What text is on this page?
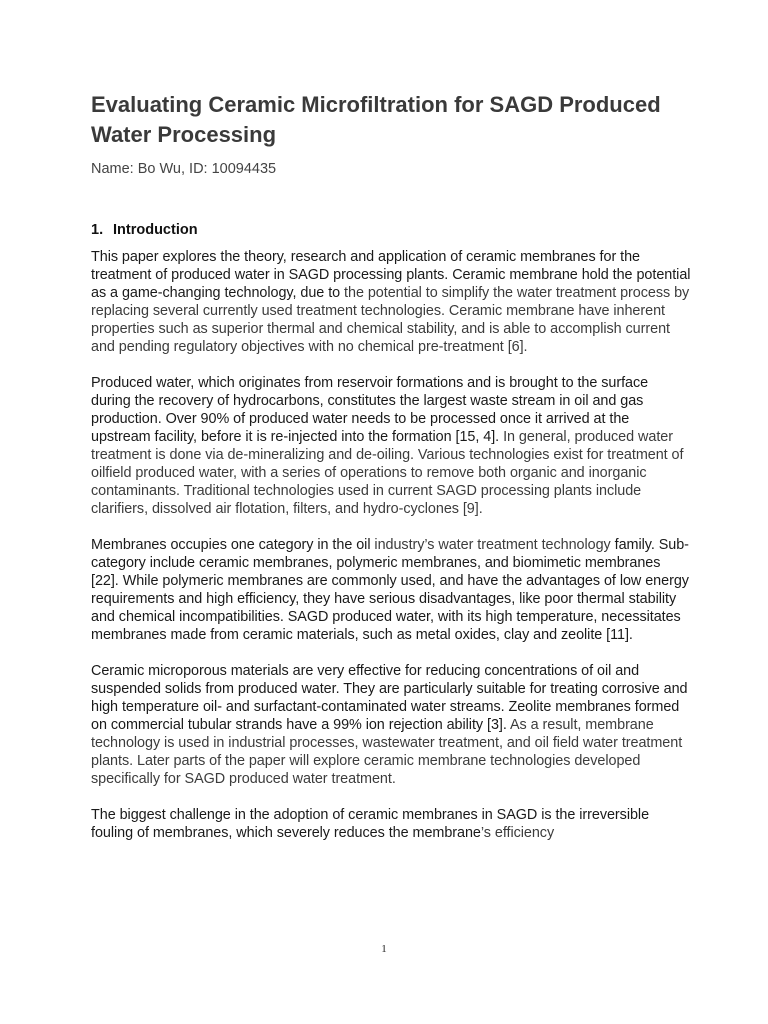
Evaluating Ceramic Microfiltration for SAGD Produced Water Processing
Name: Bo Wu, ID: 10094435
1. Introduction

This paper explores the theory, research and application of ceramic membranes for the treatment of produced water in SAGD processing plants. Ceramic membrane hold the potential as a game-changing technology, due to the potential to simplify the water treatment process by replacing several currently used treatment technologies. Ceramic membrane have inherent properties such as superior thermal and chemical stability, and is able to accomplish current and pending regulatory objectives with no chemical pre-treatment [6].

Produced water, which originates from reservoir formations and is brought to the surface during the recovery of hydrocarbons, constitutes the largest waste stream in oil and gas production. Over 90% of produced water needs to be processed once it arrived at the upstream facility, before it is re-injected into the formation [15, 4]. In general, produced water treatment is done via de-mineralizing and de-oiling. Various technologies exist for treatment of oilfield produced water, with a series of operations to remove both organic and inorganic contaminants. Traditional technologies used in current SAGD processing plants include clarifiers, dissolved air flotation, filters, and hydro-cyclones [9].

Membranes occupies one category in the oil industry’s water treatment technology family. Sub-category include ceramic membranes, polymeric membranes, and biomimetic membranes [22]. While polymeric membranes are commonly used, and have the advantages of low energy requirements and high efficiency, they have serious disadvantages, like poor thermal stability and chemical incompatibilities. SAGD produced water, with its high temperature, necessitates membranes made from ceramic materials, such as metal oxides, clay and zeolite [11].

Ceramic microporous materials are very effective for reducing concentrations of oil and suspended solids from produced water. They are particularly suitable for treating corrosive and high temperature oil- and surfactant-contaminated water streams. Zeolite membranes formed on commercial tubular strands have a 99% ion rejection ability [3]. As a result, membrane technology is used in industrial processes, wastewater treatment, and oil field water treatment plants. Later parts of the paper will explore ceramic membrane technologies developed specifically for SAGD produced water treatment.

The biggest challenge in the adoption of ceramic membranes in SAGD is the irreversible fouling of membranes, which severely reduces the membrane’s efficiency

1
